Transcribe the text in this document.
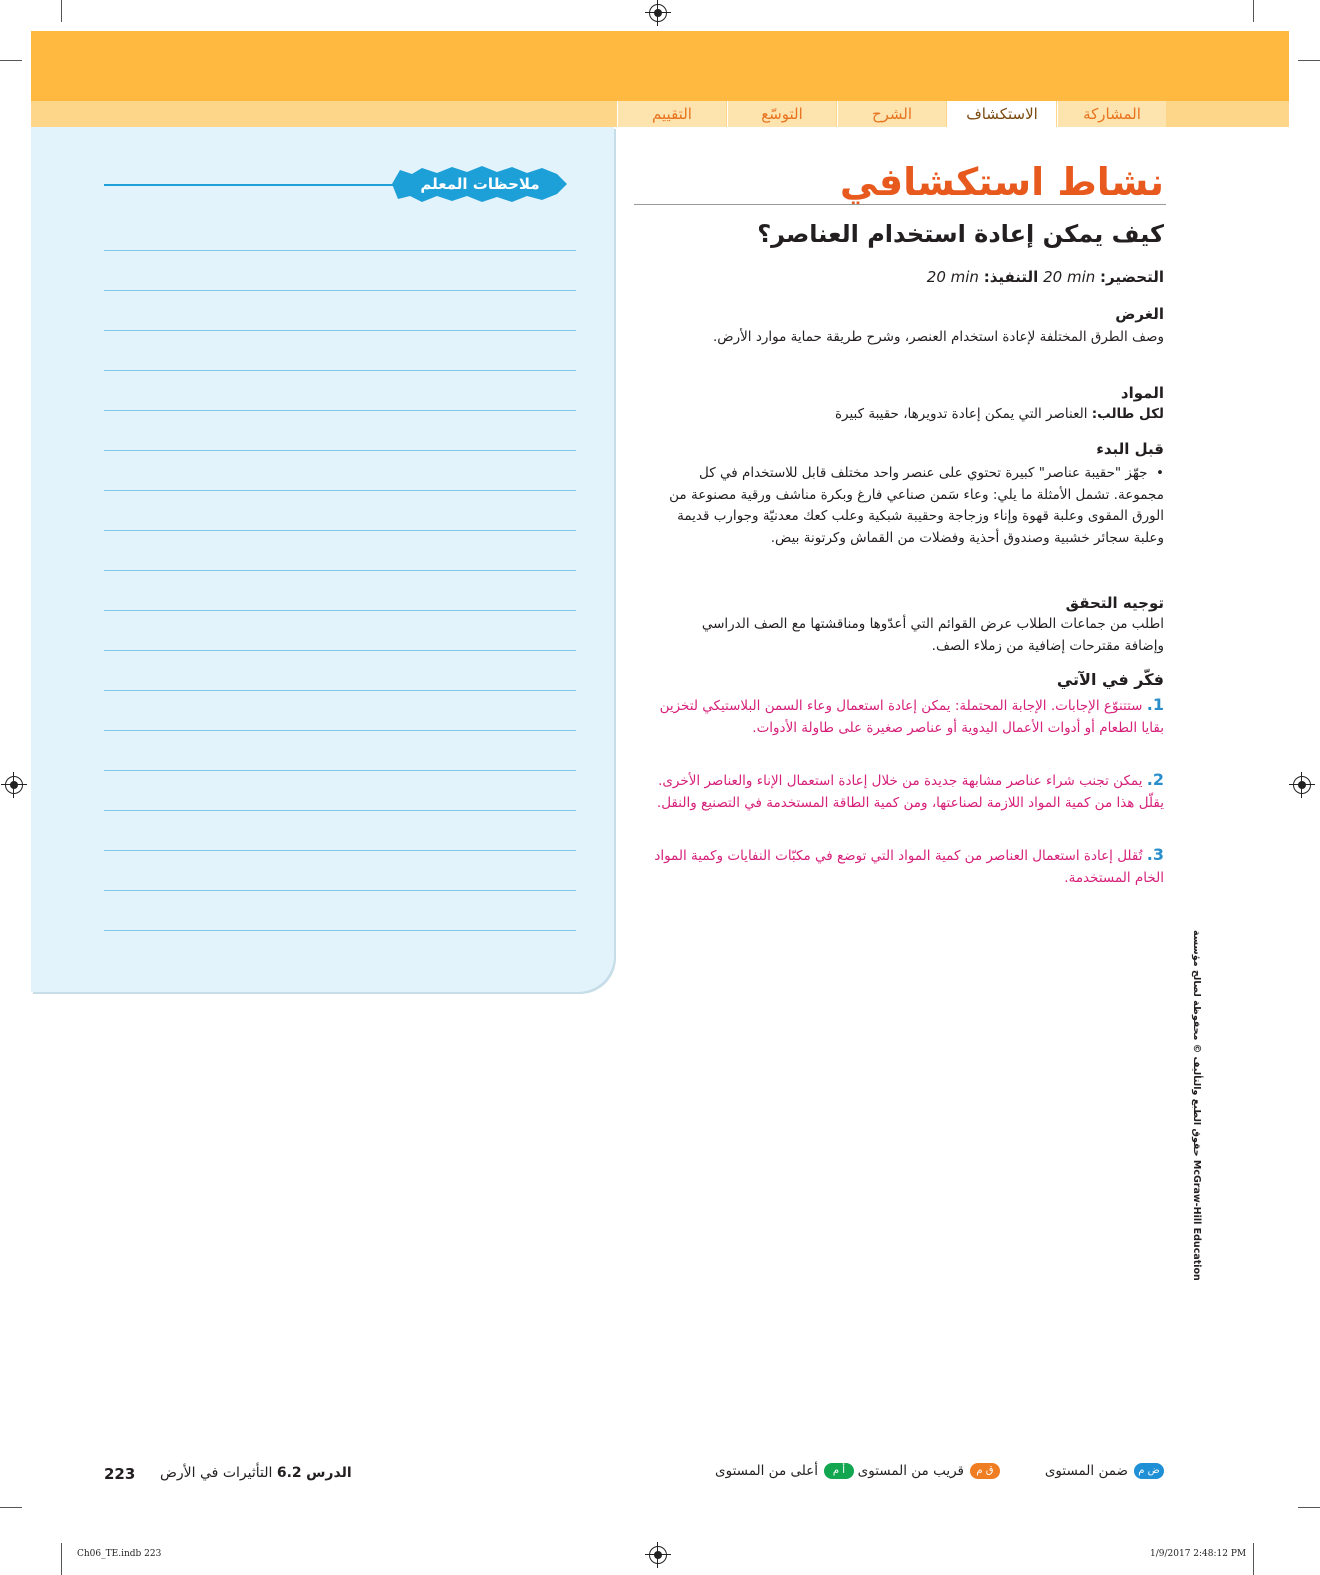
المشاركة
الاستكشاف
الشرح
التوسّع
التقييم
ملاحظات المعلم	نشاط استكشافي
كيف يمكن إعادة استخدام العناصر؟
التحضير: 20 min التنفيذ: 20 min
الغرض
وصف الطرق المختلفة لإعادة استخدام العنصر، وشرح طريقة حماية موارد الأرض.
المواد
لكل طالب: العناصر التي يمكن إعادة تدويرها، حقيبة كبيرة
قبل البدء
•  جهّز "حقيبة عناصر" كبيرة تحتوي على عنصر واحد مختلف قابل للاستخدام في كل مجموعة. تشمل الأمثلة ما يلي: وعاء سَمن صناعي فارغ وبكرة مناشف ورقية مصنوعة من الورق المقوى وعلبة قهوة وإناء وزجاجة وحقيبة شبكية وعلب كعك معدنيّة وجوارب قديمة وعلبة سجائر خشبية وصندوق أحذية وفضلات من القماش وكرتونة بيض.
توجيه التحقق
اطلب من جماعات الطلاب عرض القوائم التي أعدّوها ومناقشتها مع الصف الدراسي وإضافة مقترحات إضافية من زملاء الصف.
فكّر في الآتي
1. ستتنوّع الإجابات. الإجابة المحتملة: يمكن إعادة استعمال وعاء السمن البلاستيكي لتخزين بقايا الطعام أو أدوات الأعمال اليدوية أو عناصر صغيرة على طاولة الأدوات.
2. يمكن تجنب شراء عناصر مشابهة جديدة من خلال إعادة استعمال الإناء والعناصر الأخرى. يقلّل هذا من كمية المواد اللازمة لصناعتها، ومن كمية الطاقة المستخدمة في التصنيع والنقل.
3. تُقلل إعادة استعمال العناصر من كمية المواد التي توضع في مكبّات النفايات وكمية المواد الخام المستخدمة.
حقوق الطبع والتأليف © محفوظة لصالح مؤسسة McGraw-Hill Education
ض م
ضمن المستوى
ق م
قريب من المستوى
أ م
أعلى من المستوى
الدرس 6.2 التأثيرات في الأرض
223
Ch06_TE.indb 223	1/9/2017 2:48:12 PM
